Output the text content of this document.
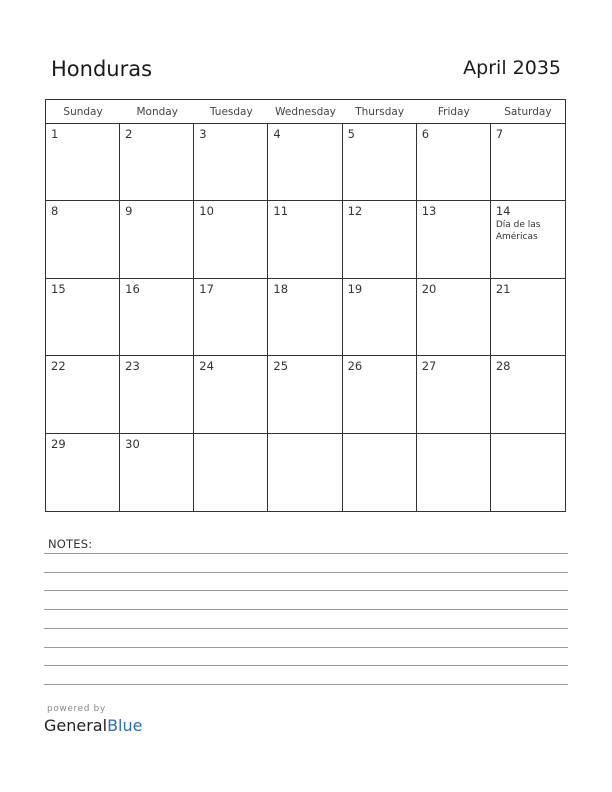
Honduras	April 2035
Sunday	Monday	Tuesday	Wednesday	Thursday	Friday	Saturday
1	2	3	4	5	6	7
8	9	10	11	12	13	14
Día de las Américas
15	16	17	18	19	20	21
22	23	24	25	26	27	28
29	30
NOTES:
powered by
GeneralBlue
